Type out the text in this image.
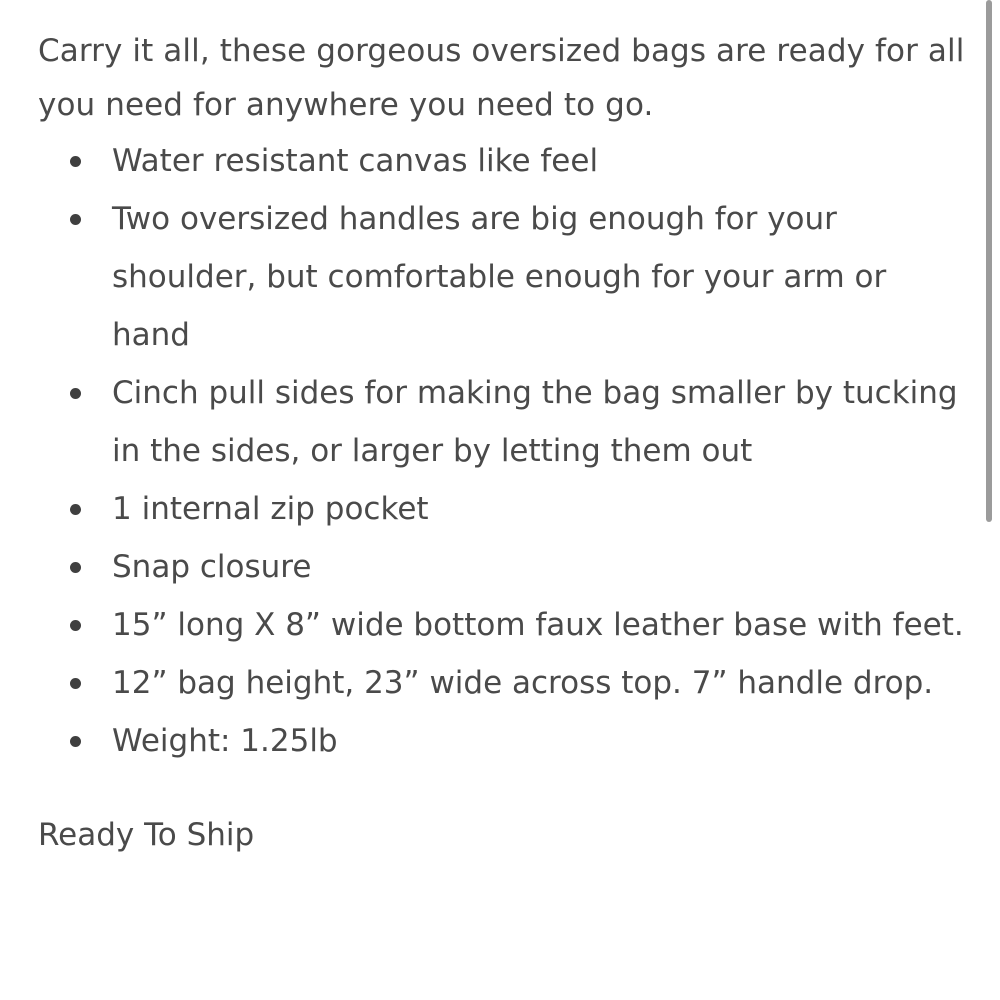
Carry it all, these gorgeous oversized bags are ready for all you need for anywhere you need to go.

Water resistant canvas like feel
Two oversized handles are big enough for your shoulder, but comfortable enough for your arm or hand
Cinch pull sides for making the bag smaller by tucking in the sides, or larger by letting them out
1 internal zip pocket
Snap closure
15” long X 8” wide bottom faux leather base with feet.
12” bag height, 23” wide across top. 7” handle drop.
Weight: 1.25lb

Ready To Ship
